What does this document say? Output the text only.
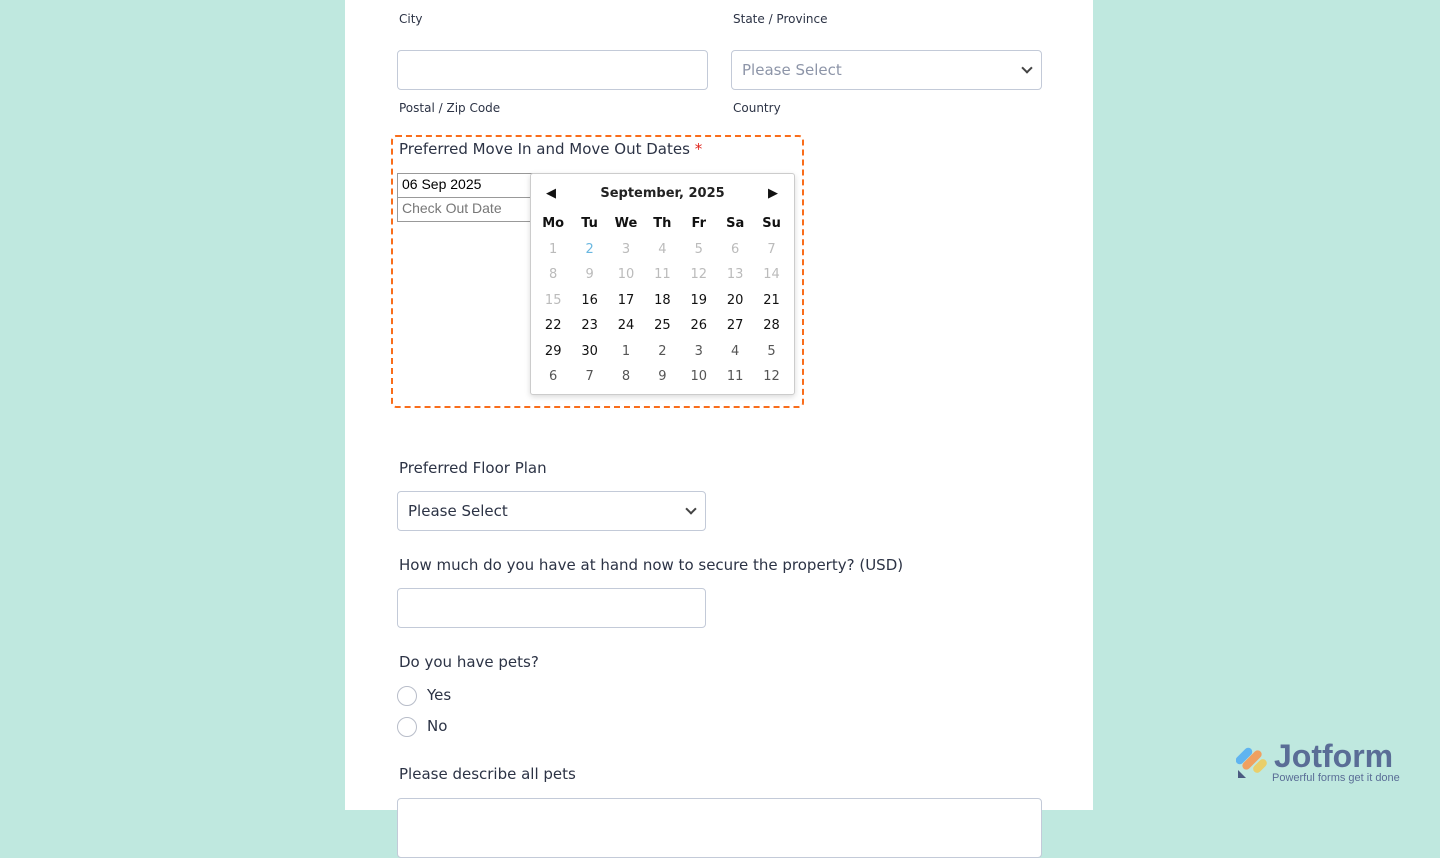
City	State / Province
Please Select
Postal / Zip Code	Country
Preferred Move In and Move Out Dates *
06 Sep 2025
Check Out Date
◀	September, 2025	▶
Mo	Tu	We	Th	Fr	Sa	Su
1	2	3	4	5	6	7
8	9	10	11	12	13	14
15	16	17	18	19	20	21
22	23	24	25	26	27	28
29	30	1	2	3	4	5
6	7	8	9	10	11	12
Preferred Floor Plan
Please Select
How much do you have at hand now to secure the property? (USD)
Do you have pets?
Yes
No
Please describe all pets	Jotform
Powerful forms get it done
